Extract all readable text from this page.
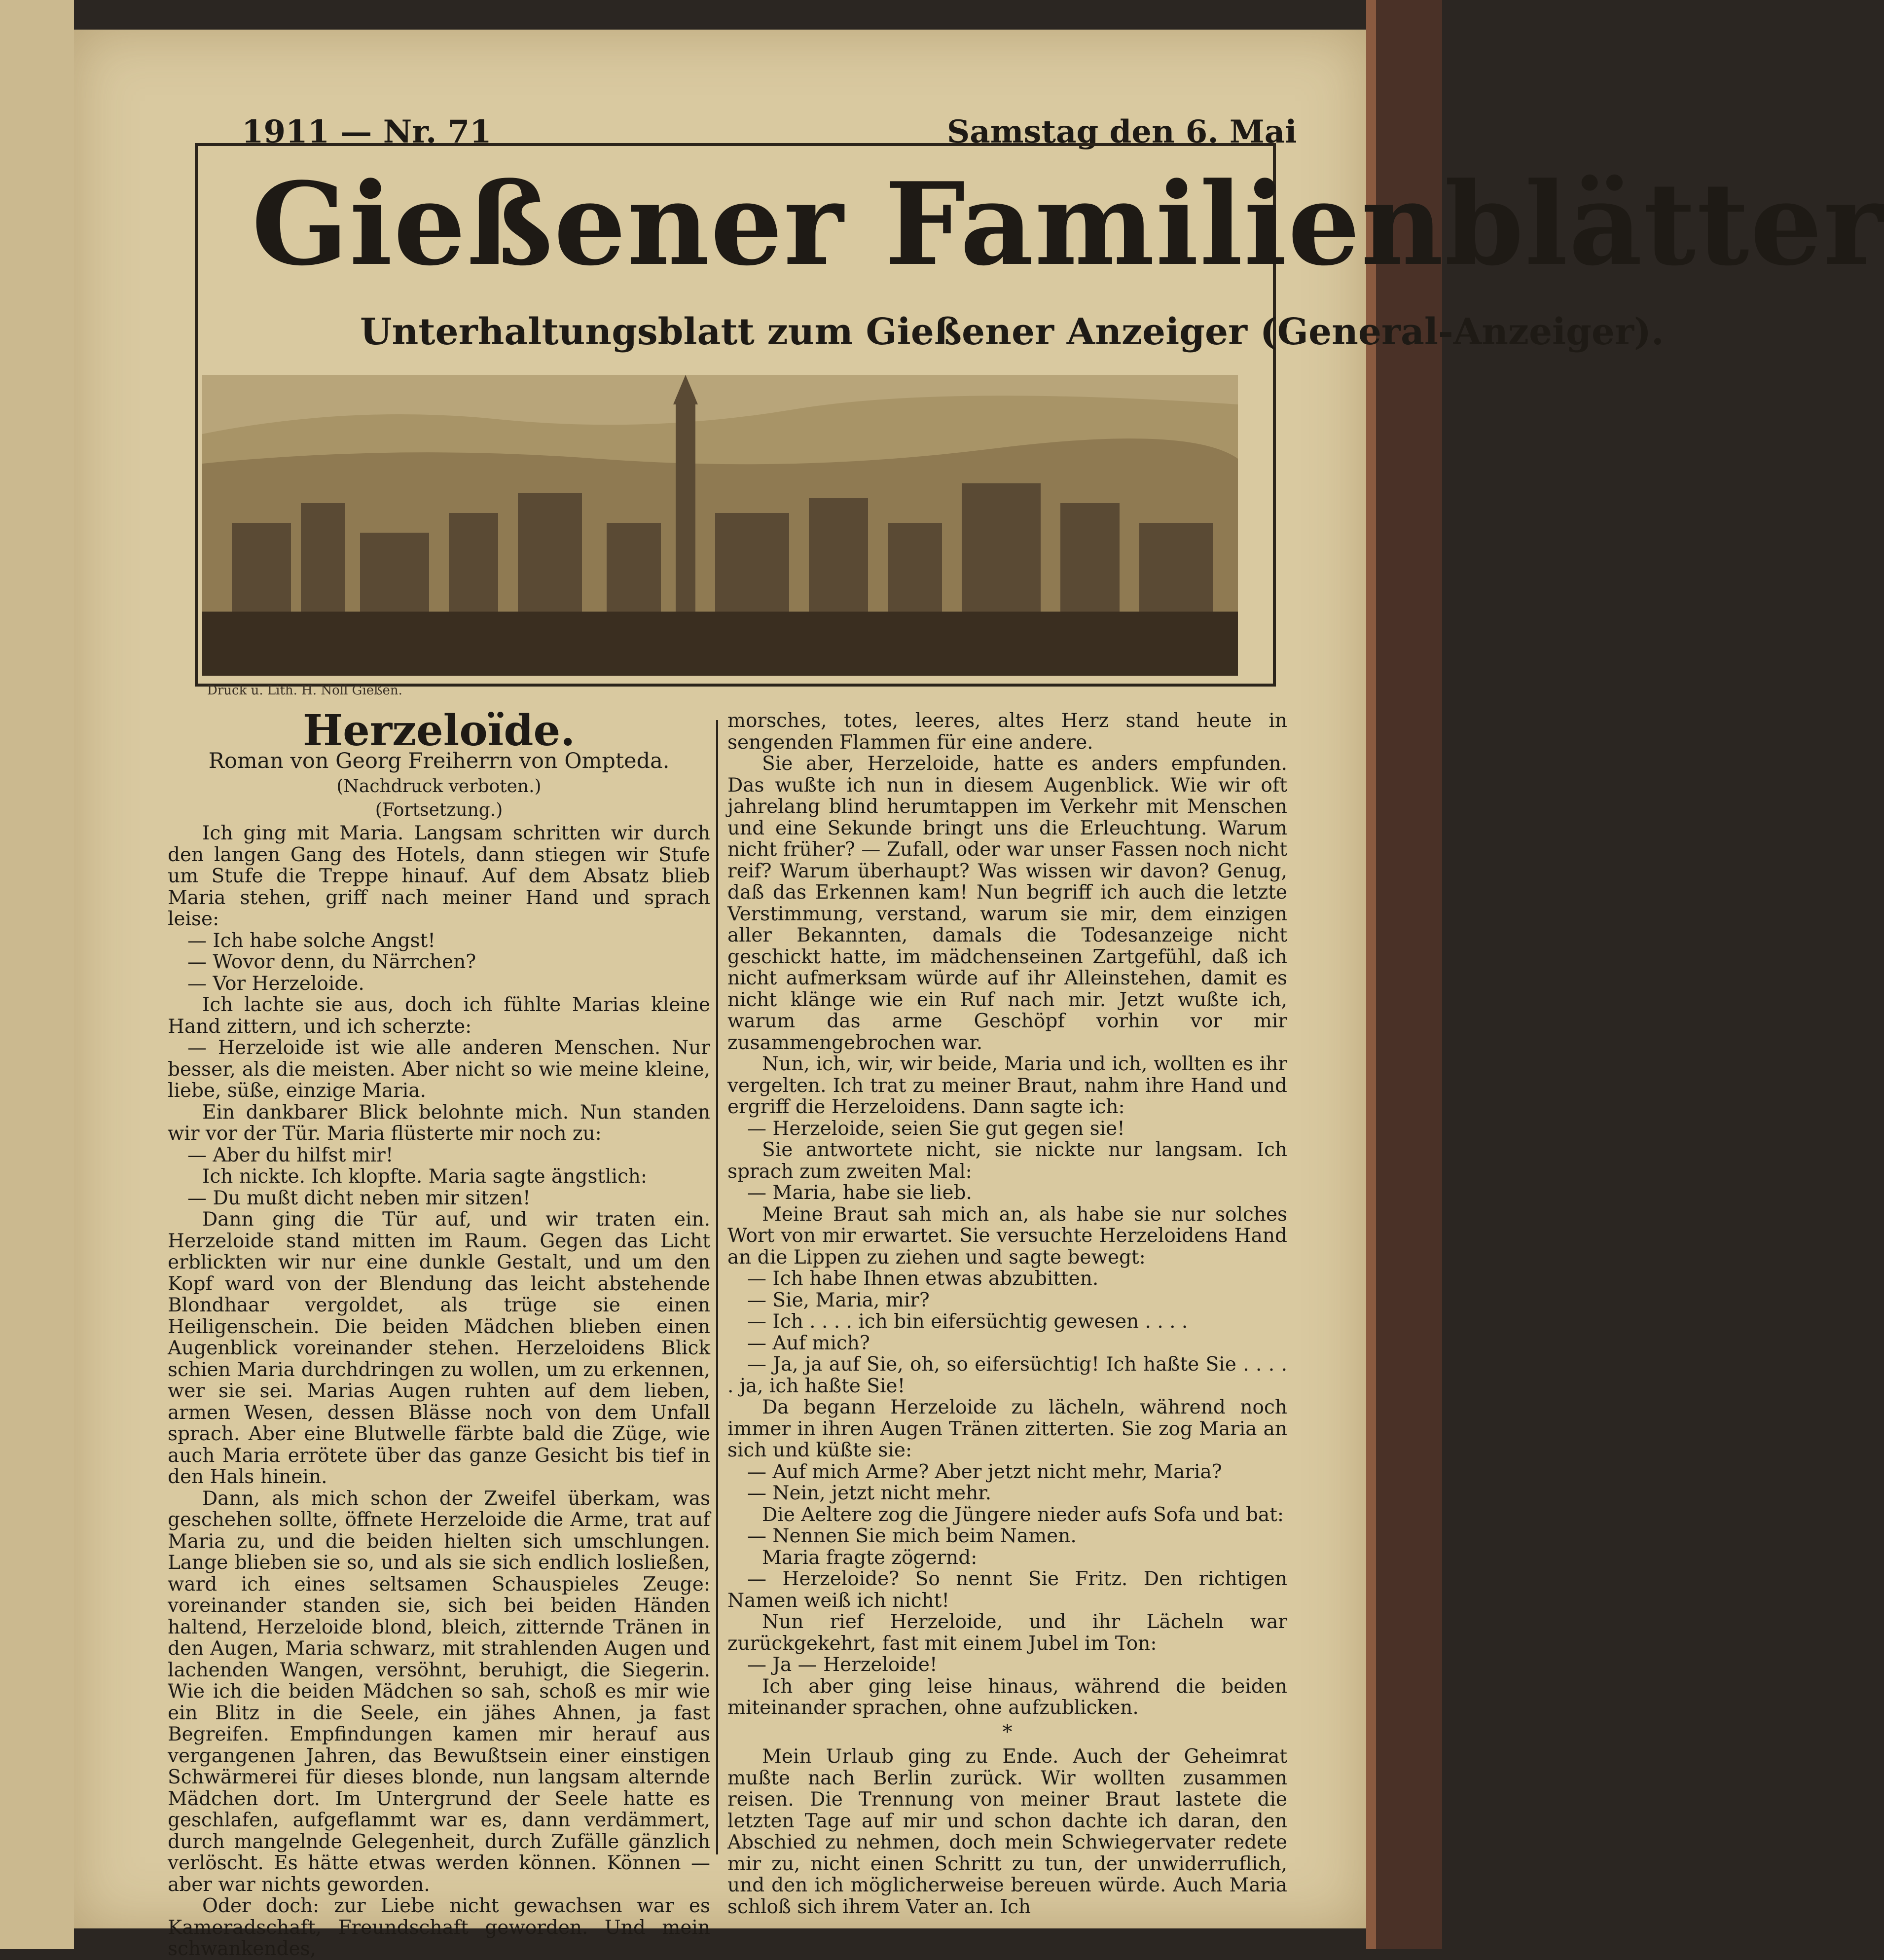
1911 — Nr. 71	Samstag den 6. Mai
Gießener Familienblätter
Unterhaltungsblatt zum Gießener Anzeiger (General-Anzeiger).
Druck u. Lith. H. Noll Gießen.
Herzeloïde.
Roman von Georg Freiherrn von Ompteda.
(Nachdruck verboten.)
(Fortsetzung.)

Ich ging mit Maria. Langsam schritten wir durch den langen Gang des Hotels, dann stiegen wir Stufe um Stufe die Treppe hinauf. Auf dem Absatz blieb Maria stehen, griff nach meiner Hand und sprach leise:

— Ich habe solche Angst!

— Wovor denn, du Närrchen?

— Vor Herzeloide.

Ich lachte sie aus, doch ich fühlte Marias kleine Hand zittern, und ich scherzte:

— Herzeloide ist wie alle anderen Menschen. Nur besser, als die meisten. Aber nicht so wie meine kleine, liebe, süße, einzige Maria.

Ein dankbarer Blick belohnte mich. Nun standen wir vor der Tür. Maria flüsterte mir noch zu:

— Aber du hilfst mir!

Ich nickte. Ich klopfte. Maria sagte ängstlich:

— Du mußt dicht neben mir sitzen!

Dann ging die Tür auf, und wir traten ein. Herzeloide stand mitten im Raum. Gegen das Licht erblickten wir nur eine dunkle Gestalt, und um den Kopf ward von der Blendung das leicht abstehende Blondhaar vergoldet, als trüge sie einen Heiligenschein. Die beiden Mädchen blieben einen Augenblick voreinander stehen. Herzeloidens Blick schien Maria durchdringen zu wollen, um zu erkennen, wer sie sei. Marias Augen ruhten auf dem lieben, armen Wesen, dessen Blässe noch von dem Unfall sprach. Aber eine Blutwelle färbte bald die Züge, wie auch Maria errötete über das ganze Gesicht bis tief in den Hals hinein.

Dann, als mich schon der Zweifel überkam, was geschehen sollte, öffnete Herzeloide die Arme, trat auf Maria zu, und die beiden hielten sich umschlungen. Lange blieben sie so, und als sie sich endlich losließen, ward ich eines seltsamen Schauspieles Zeuge: voreinander standen sie, sich bei beiden Händen haltend, Herzeloide blond, bleich, zitternde Tränen in den Augen, Maria schwarz, mit strahlenden Augen und lachenden Wangen, versöhnt, beruhigt, die Siegerin. Wie ich die beiden Mädchen so sah, schoß es mir wie ein Blitz in die Seele, ein jähes Ahnen, ja fast Begreifen. Empfindungen kamen mir herauf aus vergangenen Jahren, das Bewußtsein einer einstigen Schwärmerei für dieses blonde, nun langsam alternde Mädchen dort. Im Untergrund der Seele hatte es geschlafen, aufgeflammt war es, dann verdämmert, durch mangelnde Gelegenheit, durch Zufälle gänzlich verlöscht. Es hätte etwas werden können. Können — aber war nichts geworden.

Oder doch: zur Liebe nicht gewachsen war es Kameradschaft, Freundschaft geworden. Und mein schwankendes,

morsches, totes, leeres, altes Herz stand heute in sengenden Flammen für eine andere.

Sie aber, Herzeloide, hatte es anders empfunden. Das wußte ich nun in diesem Augenblick. Wie wir oft jahrelang blind herumtappen im Verkehr mit Menschen und eine Sekunde bringt uns die Erleuchtung. Warum nicht früher? — Zufall, oder war unser Fassen noch nicht reif? Warum überhaupt? Was wissen wir davon? Genug, daß das Erkennen kam! Nun begriff ich auch die letzte Verstimmung, verstand, warum sie mir, dem einzigen aller Bekannten, damals die Todesanzeige nicht geschickt hatte, im mädchenseinen Zartgefühl, daß ich nicht aufmerksam würde auf ihr Alleinstehen, damit es nicht klänge wie ein Ruf nach mir. Jetzt wußte ich, warum das arme Geschöpf vorhin vor mir zusammengebrochen war.

Nun, ich, wir, wir beide, Maria und ich, wollten es ihr vergelten. Ich trat zu meiner Braut, nahm ihre Hand und ergriff die Herzeloidens. Dann sagte ich:

— Herzeloide, seien Sie gut gegen sie!

Sie antwortete nicht, sie nickte nur langsam. Ich sprach zum zweiten Mal:

— Maria, habe sie lieb.

Meine Braut sah mich an, als habe sie nur solches Wort von mir erwartet. Sie versuchte Herzeloidens Hand an die Lippen zu ziehen und sagte bewegt:

— Ich habe Ihnen etwas abzubitten.

— Sie, Maria, mir?

— Ich . . . . ich bin eifersüchtig gewesen . . . .

— Auf mich?

— Ja, ja auf Sie, oh, so eifersüchtig! Ich haßte Sie . . . . . ja, ich haßte Sie!

Da begann Herzeloide zu lächeln, während noch immer in ihren Augen Tränen zitterten. Sie zog Maria an sich und küßte sie:

— Auf mich Arme? Aber jetzt nicht mehr, Maria?

— Nein, jetzt nicht mehr.

Die Aeltere zog die Jüngere nieder aufs Sofa und bat:

— Nennen Sie mich beim Namen.

Maria fragte zögernd:

— Herzeloide? So nennt Sie Fritz. Den richtigen Namen weiß ich nicht!

Nun rief Herzeloide, und ihr Lächeln war zurückgekehrt, fast mit einem Jubel im Ton:

— Ja — Herzeloide!

Ich aber ging leise hinaus, während die beiden miteinander sprachen, ohne aufzublicken.

*

Mein Urlaub ging zu Ende. Auch der Geheimrat mußte nach Berlin zurück. Wir wollten zusammen reisen. Die Trennung von meiner Braut lastete die letzten Tage auf mir und schon dachte ich daran, den Abschied zu nehmen, doch mein Schwiegervater redete mir zu, nicht einen Schritt zu tun, der unwiderruflich, und den ich möglicherweise bereuen würde. Auch Maria schloß sich ihrem Vater an. Ich
